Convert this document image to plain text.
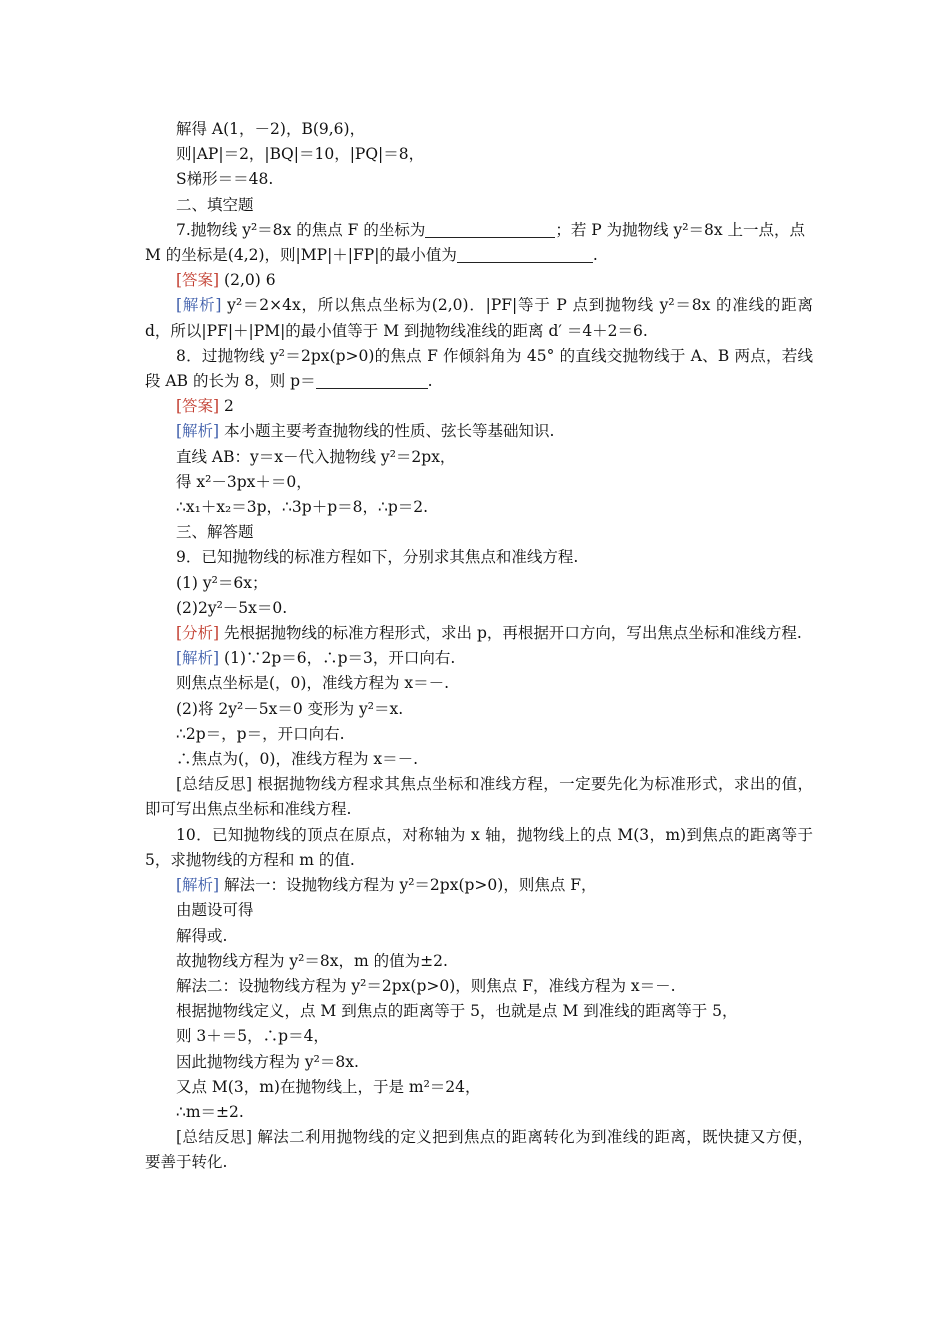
解得 A(1，－2)，B(9,6)，
则|AP|＝2，|BQ|＝10，|PQ|＝8，
S梯形＝＝48.
二、填空题
7.抛物线 y²＝8x 的焦点 F 的坐标为	；若 P 为抛物线 y²＝8x 上一点，点
M 的坐标是(4,2)，则|MP|＋|FP|的最小值为	.
[答案] (2,0) 6
[解析] y²＝2×4x，所以焦点坐标为(2,0)．|PF|等于 P 点到抛物线 y²＝8x 的准线的距离 d，所以|PF|＋|PM|的最小值等于 M 到抛物线准线的距离 d′ ＝4＋2＝6.
8．过抛物线 y²＝2px(p>0)的焦点 F 作倾斜角为 45° 的直线交抛物线于 A、B 两点，若线段 AB 的长为 8，则 p＝	.
[答案] 2
[解析] 本小题主要考查抛物线的性质、弦长等基础知识.
直线 AB：y＝x－代入抛物线 y²＝2px，
得 x²－3px＋＝0，
∴x₁＋x₂＝3p，∴3p＋p＝8，∴p＝2.
三、解答题
9．已知抛物线的标准方程如下，分别求其焦点和准线方程.
(1) y²＝6x；
(2)2y²－5x＝0.
[分析] 先根据抛物线的标准方程形式，求出 p，再根据开口方向，写出焦点坐标和准线方程.
[解析] (1)∵2p＝6，∴p＝3，开口向右.
则焦点坐标是(，0)，准线方程为 x＝－.
(2)将 2y²－5x＝0 变形为 y²＝x.
∴2p＝，p＝，开口向右.
∴焦点为(，0)，准线方程为 x＝－.
[总结反思] 根据抛物线方程求其焦点坐标和准线方程，一定要先化为标准形式，求出的值，即可写出焦点坐标和准线方程.
10．已知抛物线的顶点在原点，对称轴为 x 轴，抛物线上的点 M(3，m)到焦点的距离等于 5，求抛物线的方程和 m 的值.
[解析] 解法一：设抛物线方程为 y²＝2px(p>0)，则焦点 F，
由题设可得
解得或.
故抛物线方程为 y²＝8x，m 的值为±2.
解法二：设抛物线方程为 y²＝2px(p>0)，则焦点 F，准线方程为 x＝－.
根据抛物线定义，点 M 到焦点的距离等于 5，也就是点 M 到准线的距离等于 5，
则 3＋＝5，∴p＝4，
因此抛物线方程为 y²＝8x.
又点 M(3，m)在抛物线上，于是 m²＝24，
∴m＝±2.
[总结反思] 解法二利用抛物线的定义把到焦点的距离转化为到准线的距离，既快捷又方便，要善于转化.
